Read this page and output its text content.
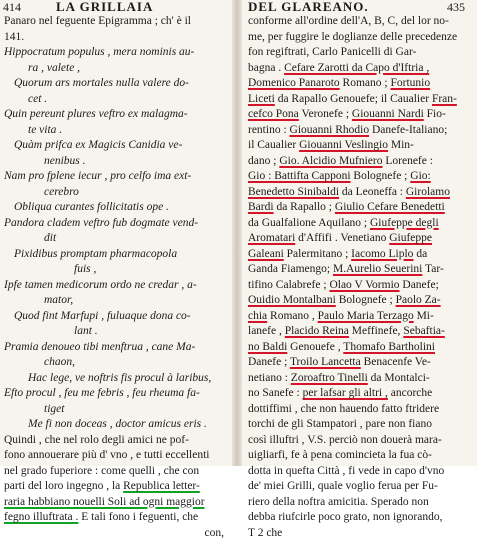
414	LA GRILLAIA
Panaro nel feguente Epigramma ; ch' è il
141.
Hippocratum populus , mera nominis au-
ra , valete ,
Quorum ars mortales nulla valere do-
cet .
Quin pereunt plures veftro ex malagma-
te vita .
Quàm prifca ex Magicis Canidia ve-
nenibus .
Nam pro fplene iecur , pro celfo ima ext-
cerebro
Obliqua curantes follicitatis ope .
Pandora cladem veftro fub dogmate vend-
dit
Pixidibus promptam pharmacopola
fuis ,
Ipfe tamen medicorum ordo ne credar , a-
mator,
Quod fint Marfupi , fuluaque dona co-
lant .
Pramia denoueo tibi menftrua , cane Ma-
chaon,
Hac lege, ve noftris fis procul à laribus,
Efto procul , feu me febris , feu rheuma fa-
tiget
Me fi non doceas , doctor amicus eris .
Quindi , che nel rolo degli amici ne pof-
fono annouerare più d' vno , e tutti eccellenti
nel grado fuperiore : come quelli , che con
parti del loro ingegno , la Republica letter-
raria habbiano nouelli Soli ad ogni maggior
fegno illuftrata . E tali fono i feguenti, che
con,
DEL GLAREANO.	435
conforme all'ordine dell'A, B, C, del lor no-
me, per fuggire le doglianze delle precedenze
fon regiftrati, Carlo Panicelli di Gar-
bagna . Cefare Zarotti da Capo d'Iftria ,
Domenico Panaroto Romano ; Fortunio
Liceti da Rapallo Genouefe; il Caualier Fran-
cefco Pona Veronefe ; Giouanni Nardi Fio-
rentino : Giouanni Rhodio Danefe-Italiano;
il Caualier Giouanni Veslingio Min-
dano ; Gio. Alcidio Mufniero Lorenefe :
Gio : Battifta Capponi Bolognefe ; Gio:
Benedetto Sinibaldi da Leoneffa : Girolamo
Bardi da Rapallo ; Giulio Cefare Benedetti
da Gualfalione Aquilano ; Giufeppe degli
Aromatari d'Affifi . Venetiano Giufeppe
Galeani Palermitano ; Iacomo Liplo da
Ganda Fiamengo; M.Aurelio Seuerini Tar-
tifino Calabrefe ; Olao V Vormio Danefe;
Ouidio Montalbani Bolognefe ; Paolo Za-
chia Romano , Paulo Maria Terzago Mi-
lanefe , Placido Reina Meffinefe, Sebaftia-
no Baldi Genouefe , Thomafo Bartholini
Danefe ; Troilo Lancetta Benacenfe Ve-
netiano : Zoroaftro Tinelli da Montalci-
no Sanefe : per lafsar gli altri , ancorche
dottiffimi , che non hauendo fatto ftridere
torchi de gli Stampatori , pare non fiano
così illuftri , V.S. perciò non douerà mara-
uigliarfi, fe à pena comincieta la fua cò-
dotta in quefta Città , fi vede in capo d'vno
de' miei Grilli, quale voglio ferua per Fu-
riero della noftra amicitia. Sperado non
debba riufcirle poco grato, non ignorando,
T 2 che
